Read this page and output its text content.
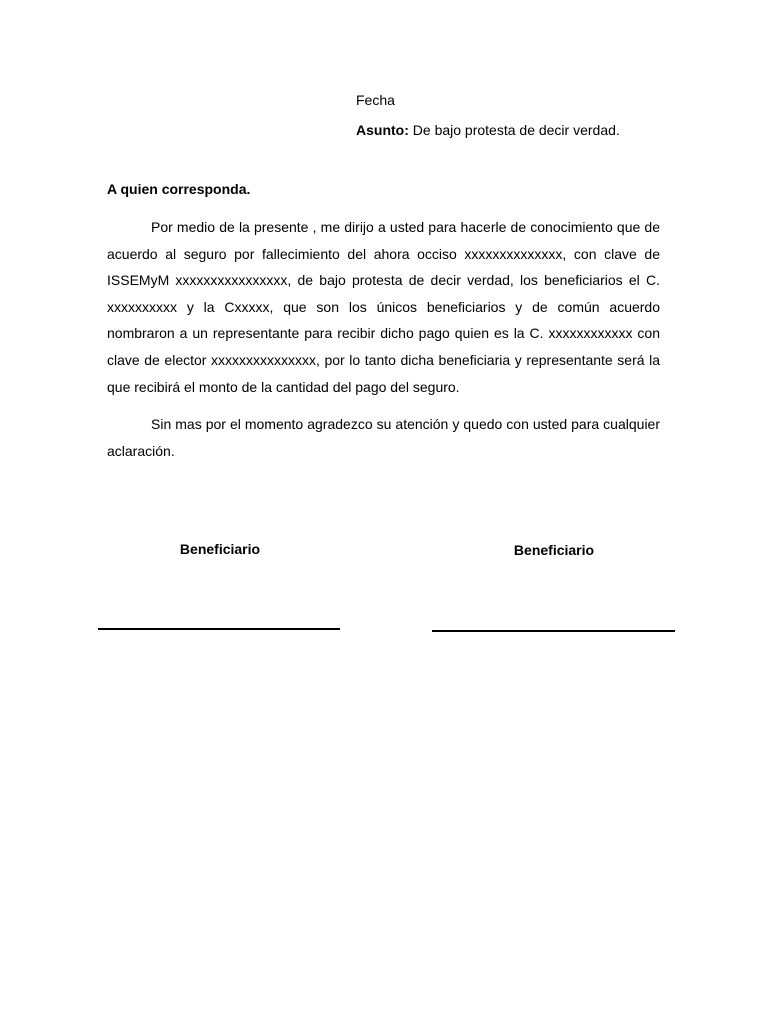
Fecha

Asunto: De bajo protesta de decir verdad.

A quien corresponda.

Por medio de la presente , me dirijo a usted para hacerle de conocimiento que de acuerdo al seguro por fallecimiento del ahora occiso xxxxxxxxxxxxxx, con clave de ISSEMyM xxxxxxxxxxxxxxxx, de bajo protesta de decir verdad, los beneficiarios el C. xxxxxxxxxx y la Cxxxxx, que son los únicos beneficiarios y de común acuerdo nombraron a un representante para recibir dicho pago quien es la C. xxxxxxxxxxxx con clave de elector xxxxxxxxxxxxxxx, por lo tanto dicha beneficiaria y representante será la que recibirá el monto de la cantidad del pago del seguro.

Sin mas por el momento agradezco su atención y quedo con usted para cualquier aclaración.

Beneficiario	Beneficiario
